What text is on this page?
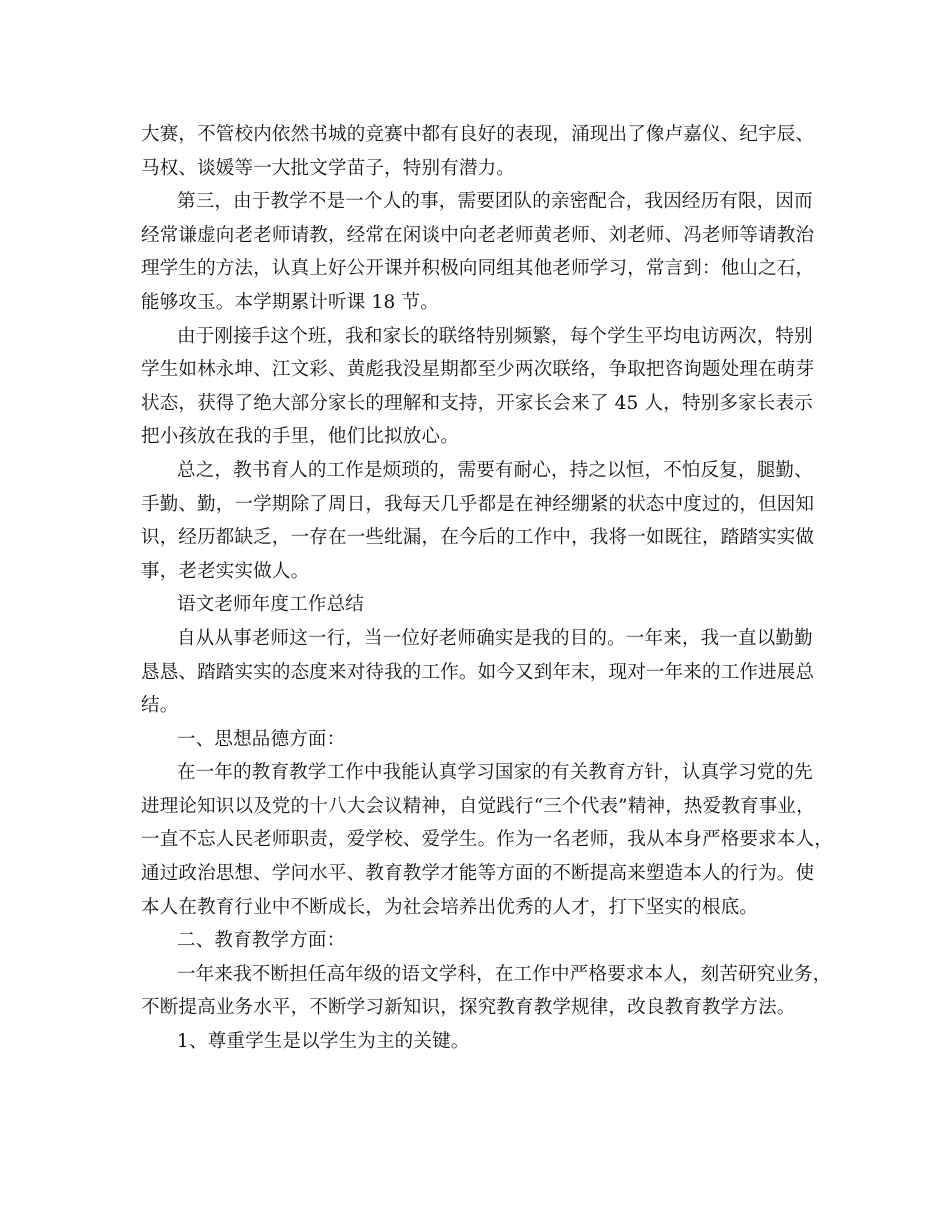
大赛，不管校内依然书城的竞赛中都有良好的表现，涌现出了像卢嘉仪、纪宇辰、
马权、谈媛等一大批文学苗子，特别有潜力。
第三，由于教学不是一个人的事，需要团队的亲密配合，我因经历有限，因而
经常谦虚向老老师请教，经常在闲谈中向老老师黄老师、刘老师、冯老师等请教治
理学生的方法，认真上好公开课并积极向同组其他老师学习，常言到：他山之石，
能够攻玉。本学期累计听课 18 节。
由于刚接手这个班，我和家长的联络特别频繁，每个学生平均电访两次，特别
学生如林永坤、江文彩、黄彪我没星期都至少两次联络，争取把咨询题处理在萌芽
状态，获得了绝大部分家长的理解和支持，开家长会来了 45 人，特别多家长表示
把小孩放在我的手里，他们比拟放心。
总之，教书育人的工作是烦琐的，需要有耐心，持之以恒，不怕反复，腿勤、
手勤、勤，一学期除了周日，我每天几乎都是在神经绷紧的状态中度过的，但因知
识，经历都缺乏，一存在一些纰漏，在今后的工作中，我将一如既往，踏踏实实做
事，老老实实做人。
语文老师年度工作总结
自从从事老师这一行，当一位好老师确实是我的目的。一年来，我一直以勤勤
恳恳、踏踏实实的态度来对待我的工作。如今又到年末，现对一年来的工作进展总
结。
一、思想品德方面：
在一年的教育教学工作中我能认真学习国家的有关教育方针，认真学习党的先
进理论知识以及党的十八大会议精神，自觉践行“三个代表”精神，热爱教育事业，
一直不忘人民老师职责，爱学校、爱学生。作为一名老师，我从本身严格要求本人，
通过政治思想、学问水平、教育教学才能等方面的不断提高来塑造本人的行为。使
本人在教育行业中不断成长，为社会培养出优秀的人才，打下坚实的根底。
二、教育教学方面：
一年来我不断担任高年级的语文学科，在工作中严格要求本人，刻苦研究业务，
不断提高业务水平，不断学习新知识，探究教育教学规律，改良教育教学方法。
1、尊重学生是以学生为主的关键。
